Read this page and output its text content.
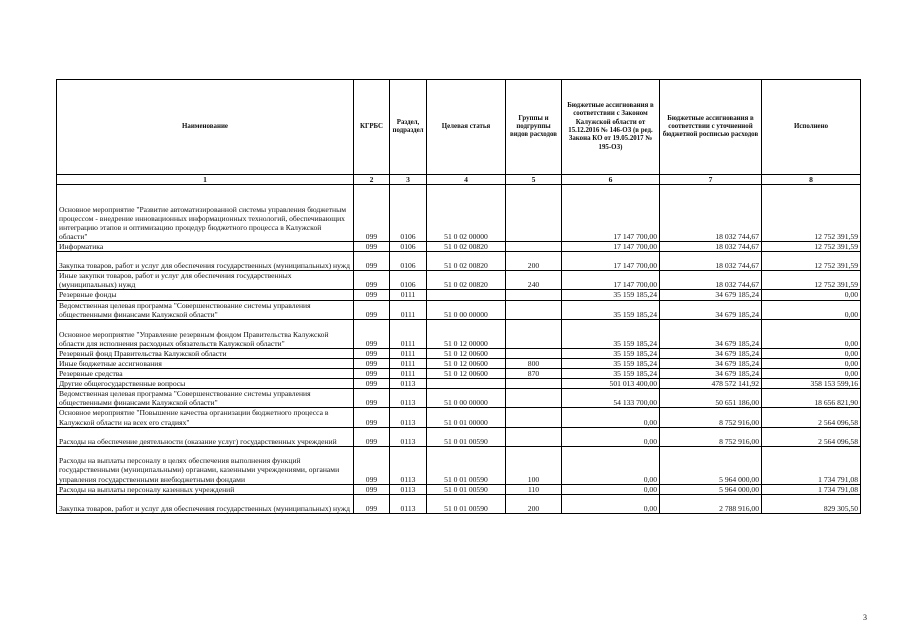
Наименование	КГРБС	Раздел, подраздел	Целевая статья	Группы и подгруппы видов расходов	Бюджетные ассигнования в соответствии с Законом Калужской области от 15.12.2016 № 146-ОЗ (в ред. Закона КО от 19.05.2017 № 195-ОЗ)	Бюджетные ассигнования в соответствии с уточненной бюджетной росписью расходов	Исполнено
1	2	3	4	5	6	7	8
Основное мероприятие "Развитие автоматизированной системы управления бюджетным процессом - внедрение инновационных информационных технологий, обеспечивающих интеграцию этапов и оптимизацию процедур бюджетного процесса в Калужской области"	099	0106	51 0 02 00000		17 147 700,00	18 032 744,67	12 752 391,59
Информатика	099	0106	51 0 02 00820		17 147 700,00	18 032 744,67	12 752 391,59
Закупка товаров, работ и услуг для обеспечения государственных (муниципальных) нужд	099	0106	51 0 02 00820	200	17 147 700,00	18 032 744,67	12 752 391,59
Иные закупки товаров, работ и услуг для обеспечения государственных (муниципальных) нужд	099	0106	51 0 02 00820	240	17 147 700,00	18 032 744,67	12 752 391,59
Резервные фонды	099	0111			35 159 185,24	34 679 185,24	0,00
Ведомственная целевая программа "Совершенствование системы управления общественными финансами Калужской области"	099	0111	51 0 00 00000		35 159 185,24	34 679 185,24	0,00
Основное мероприятие "Управление резервным фондом Правительства Калужской области для исполнения расходных обязательств Калужской области"	099	0111	51 0 12 00000		35 159 185,24	34 679 185,24	0,00
Резервный фонд Правительства Калужской области	099	0111	51 0 12 00600		35 159 185,24	34 679 185,24	0,00
Иные бюджетные ассигнования	099	0111	51 0 12 00600	800	35 159 185,24	34 679 185,24	0,00
Резервные средства	099	0111	51 0 12 00600	870	35 159 185,24	34 679 185,24	0,00
Другие общегосударственные вопросы	099	0113			501 013 400,00	478 572 141,92	358 153 599,16
Ведомственная целевая программа "Совершенствование системы управления общественными финансами Калужской области"	099	0113	51 0 00 00000		54 133 700,00	50 651 186,00	18 656 821,90
Основное мероприятие "Повышение качества организации бюджетного процесса в Калужской области на всех его стадиях"	099	0113	51 0 01 00000		0,00	8 752 916,00	2 564 096,58
Расходы на обеспечение деятельности (оказание услуг) государственных учреждений	099	0113	51 0 01 00590		0,00	8 752 916,00	2 564 096,58
Расходы на выплаты персоналу в целях обеспечения выполнения функций государственными (муниципальными) органами, казенными учреждениями, органами управления государственными внебюджетными фондами	099	0113	51 0 01 00590	100	0,00	5 964 000,00	1 734 791,08
Расходы на выплаты персоналу казенных учреждений	099	0113	51 0 01 00590	110	0,00	5 964 000,00	1 734 791,08
Закупка товаров, работ и услуг для обеспечения государственных (муниципальных) нужд	099	0113	51 0 01 00590	200	0,00	2 788 916,00	829 305,50
3
